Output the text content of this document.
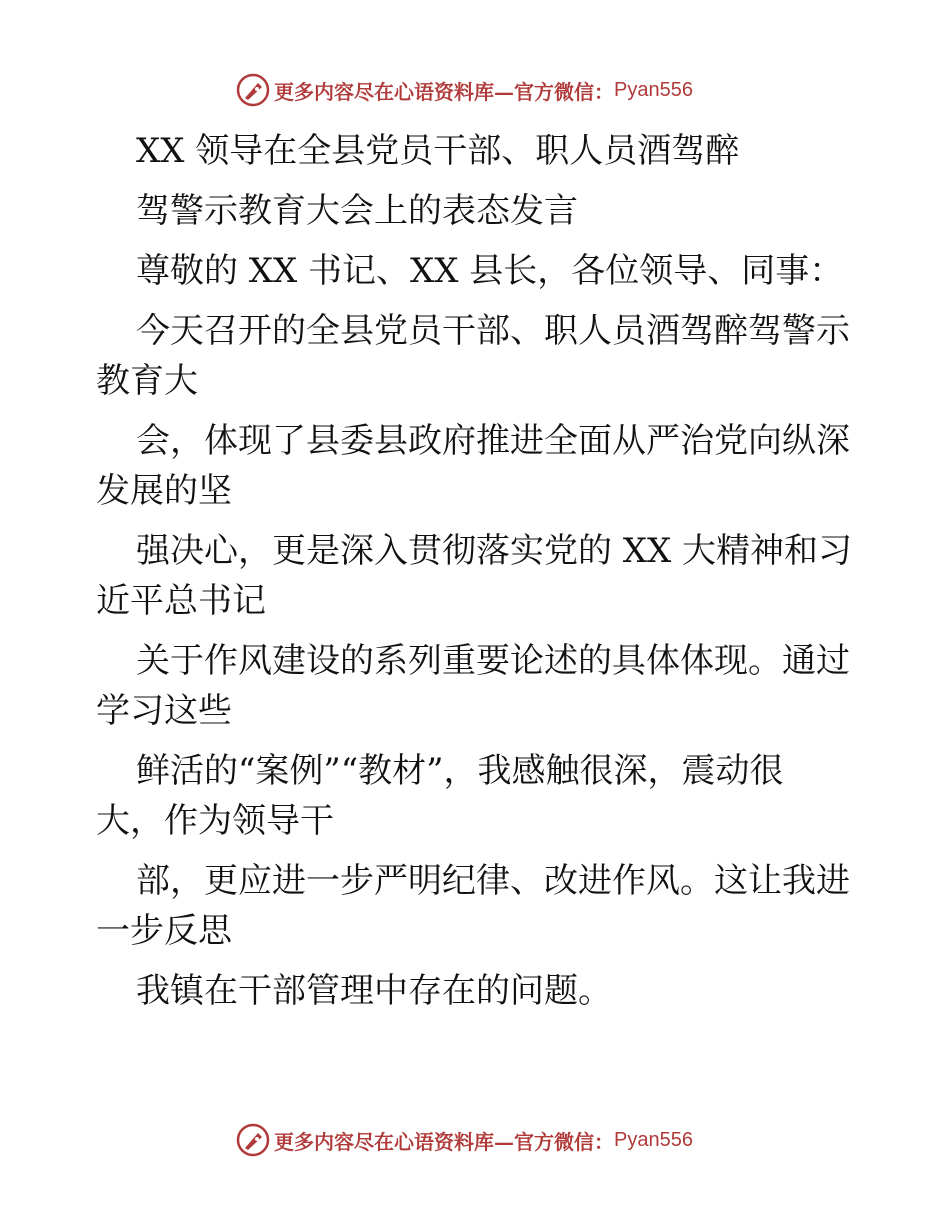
更多内容尽在心语资料库—官方微信： Pyan556
XX 领导在全县党员干部、职人员酒驾醉
驾警示教育大会上的表态发言
尊敬的 XX 书记、XX 县长，各位领导、同事：
今天召开的全县党员干部、职人员酒驾醉驾警示
教育大
会，体现了县委县政府推进全面从严治党向纵深
发展的坚
强决心，更是深入贯彻落实党的 XX 大精神和习
近平总书记
关于作风建设的系列重要论述的具体体现。通过
学习这些
鲜活的“案例”“教材”，我感触很深，震动很
大，作为领导干
部，更应进一步严明纪律、改进作风。这让我进
一步反思
我镇在干部管理中存在的问题。
更多内容尽在心语资料库—官方微信： Pyan556
